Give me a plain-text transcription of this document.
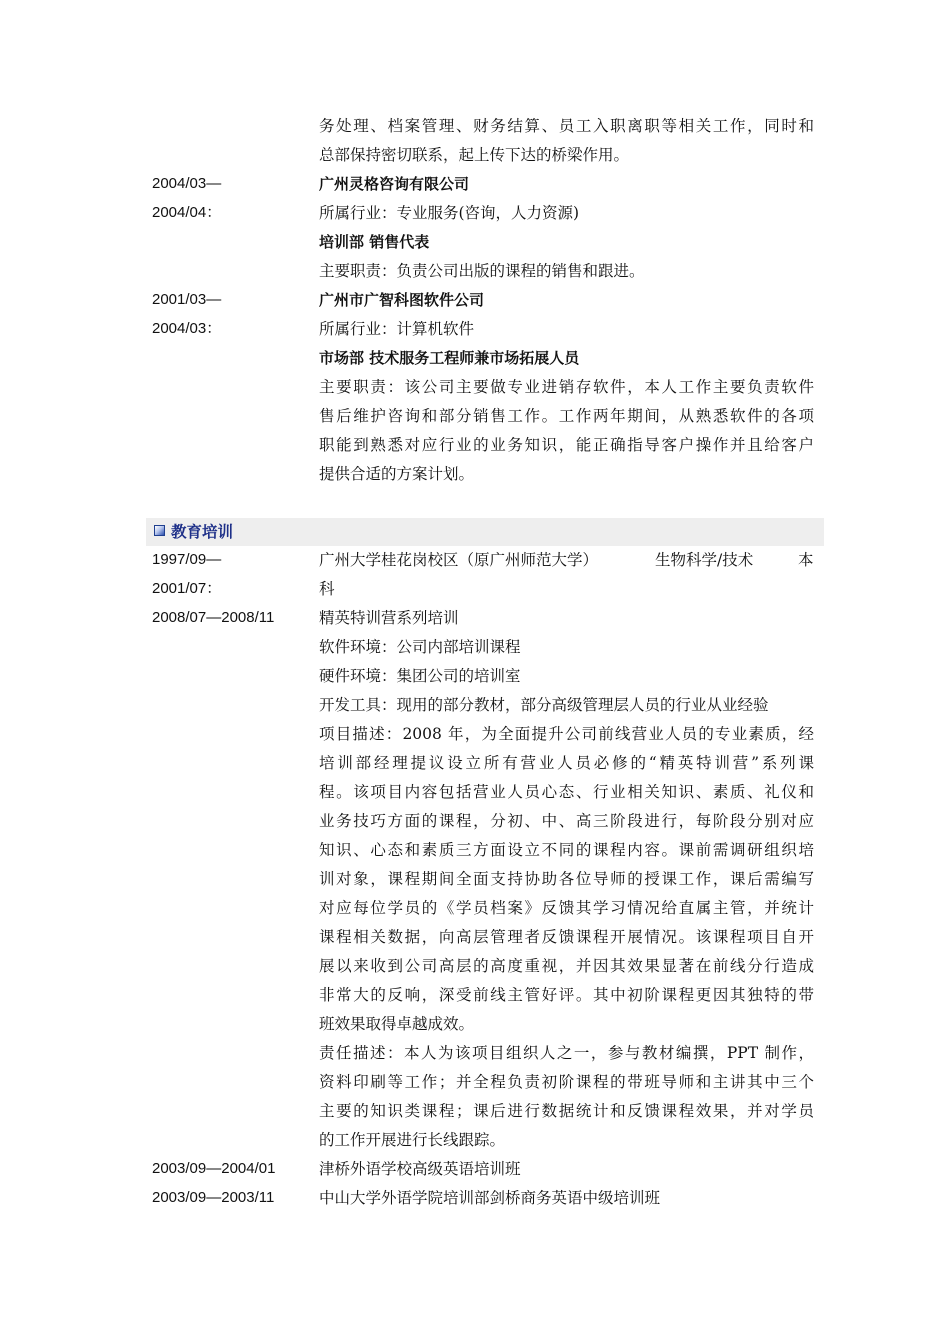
务处理、档案管理、财务结算、员工入职离职等相关工作，同时和
总部保持密切联系，起上传下达的桥梁作用。
2004/03—	广州灵格咨询有限公司
2004/04：	所属行业：专业服务(咨询，人力资源)
培训部 销售代表
主要职责：负责公司出版的课程的销售和跟进。
2001/03—	广州市广智科图软件公司
2004/03：	所属行业：计算机软件
市场部 技术服务工程师兼市场拓展人员
主要职责：该公司主要做专业进销存软件，本人工作主要负责软件
售后维护咨询和部分销售工作。工作两年期间，从熟悉软件的各项
职能到熟悉对应行业的业务知识，能正确指导客户操作并且给客户
提供合适的方案计划。
教育培训
1997/09—	广州大学桂花岗校区（原广州师范大学）	生物科学/技术	本
2001/07：	科
2008/07—2008/11	精英特训营系列培训
软件环境：公司内部培训课程
硬件环境：集团公司的培训室
开发工具：现用的部分教材，部分高级管理层人员的行业从业经验
项目描述：2008 年，为全面提升公司前线营业人员的专业素质，经
培训部经理提议设立所有营业人员必修的“精英特训营”系列课
程。该项目内容包括营业人员心态、行业相关知识、素质、礼仪和
业务技巧方面的课程，分初、中、高三阶段进行，每阶段分别对应
知识、心态和素质三方面设立不同的课程内容。课前需调研组织培
训对象，课程期间全面支持协助各位导师的授课工作，课后需编写
对应每位学员的《学员档案》反馈其学习情况给直属主管，并统计
课程相关数据，向高层管理者反馈课程开展情况。该课程项目自开
展以来收到公司高层的高度重视，并因其效果显著在前线分行造成
非常大的反响，深受前线主管好评。其中初阶课程更因其独特的带
班效果取得卓越成效。
责任描述：本人为该项目组织人之一，参与教材编撰，PPT 制作，
资料印刷等工作；并全程负责初阶课程的带班导师和主讲其中三个
主要的知识类课程；课后进行数据统计和反馈课程效果，并对学员
的工作开展进行长线跟踪。
2003/09—2004/01	津桥外语学校高级英语培训班
2003/09—2003/11	中山大学外语学院培训部剑桥商务英语中级培训班
